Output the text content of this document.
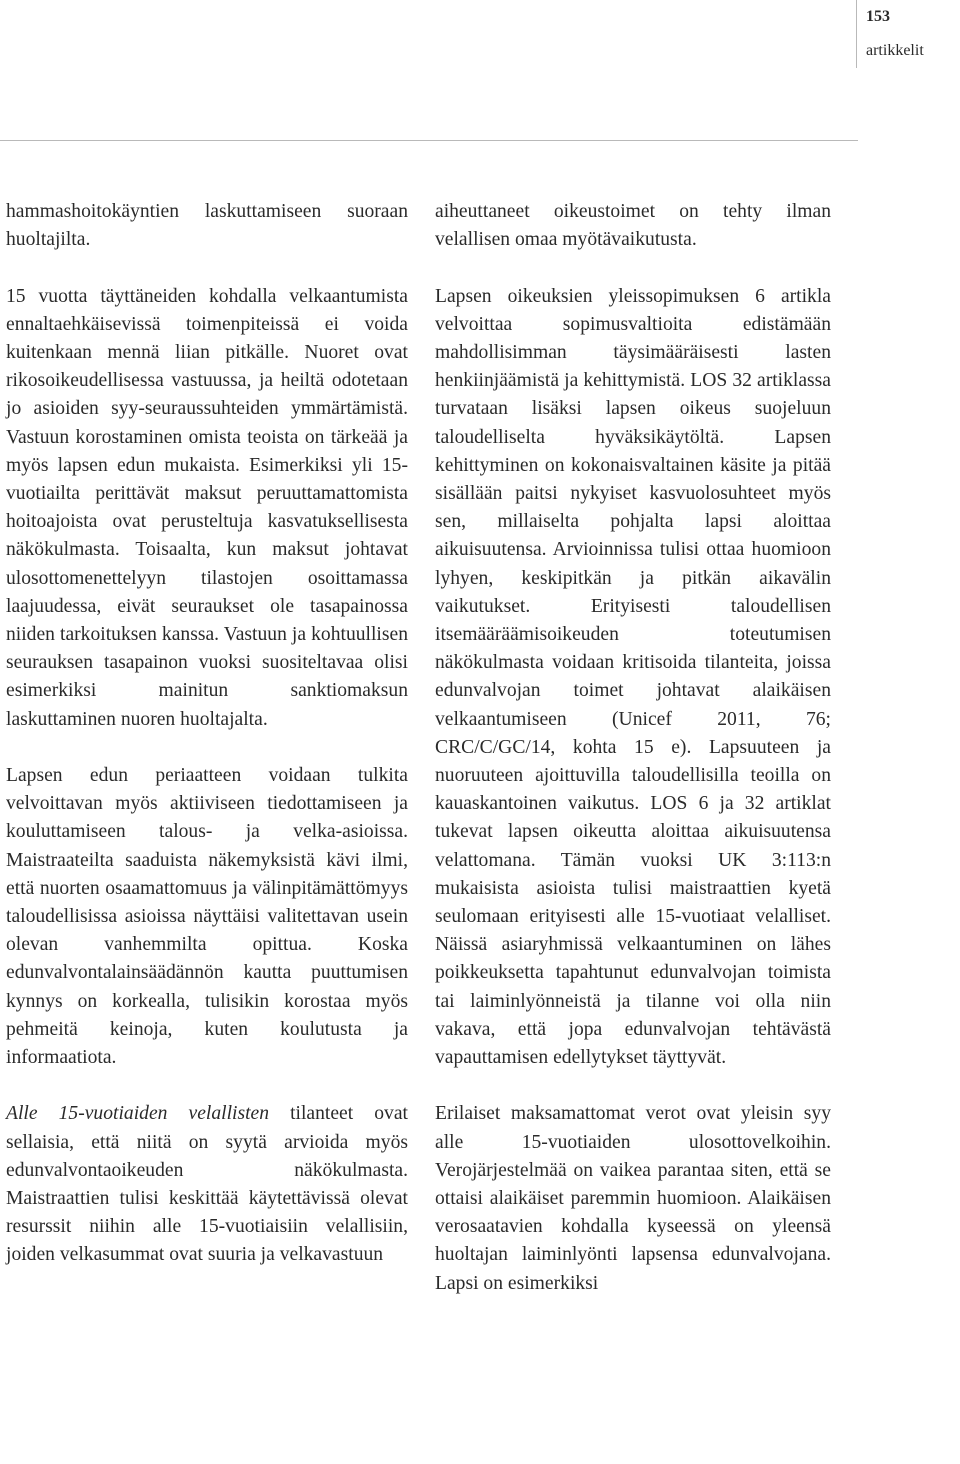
153
artikkelit

hammashoitokäyntien laskuttamiseen suoraan huoltajilta.

15 vuotta täyttäneiden kohdalla velkaantumista ennaltaehkäisevissä toimenpiteissä ei voida kuitenkaan mennä liian pitkälle. Nuoret ovat rikosoikeudellisessa vastuussa, ja heiltä odotetaan jo asioiden syy-seuraussuhteiden ymmärtämistä. Vastuun korostaminen omista teoista on tärkeää ja myös lapsen edun mukaista. Esimerkiksi yli 15-vuotiailta perittävät maksut peruuttamattomista hoitoajoista ovat perusteltuja kasvatuksellisesta näkökulmasta. Toisaalta, kun maksut johtavat ulosottomenettelyyn tilastojen osoittamassa laajuudessa, eivät seuraukset ole tasapainossa niiden tarkoituksen kanssa. Vastuun ja kohtuullisen seurauksen tasapainon vuoksi suositeltavaa olisi esimerkiksi mainitun sanktiomaksun laskuttaminen nuoren huoltajalta.

Lapsen edun periaatteen voidaan tulkita velvoittavan myös aktiiviseen tiedottamiseen ja kouluttamiseen talous- ja velka-asioissa. Maistraateilta saaduista näkemyksistä kävi ilmi, että nuorten osaamattomuus ja välinpitämättömyys taloudellisissa asioissa näyttäisi valitettavan usein olevan vanhemmilta opittua. Koska edunvalvontalainsäädännön kautta puuttumisen kynnys on korkealla, tulisikin korostaa myös pehmeitä keinoja, kuten koulutusta ja informaatiota.

Alle 15-vuotiaiden velallisten tilanteet ovat sellaisia, että niitä on syytä arvioida myös edunvalvontaoikeuden näkökulmasta. Maistraattien tulisi keskittää käytettävissä olevat resurssit niihin alle 15-vuotiaisiin velallisiin, joiden velkasummat ovat suuria ja velkavastuun

aiheuttaneet oikeustoimet on tehty ilman velallisen omaa myötävaikutusta.

Lapsen oikeuksien yleissopimuksen 6 artikla velvoittaa sopimusvaltioita edistämään mahdollisimman täysimääräisesti lasten henkiinjäämistä ja kehittymistä. LOS 32 artiklassa turvataan lisäksi lapsen oikeus suojeluun taloudelliselta hyväksikäytöltä. Lapsen kehittyminen on kokonaisvaltainen käsite ja pitää sisällään paitsi nykyiset kasvuolosuhteet myös sen, millaiselta pohjalta lapsi aloittaa aikuisuutensa. Arvioinnissa tulisi ottaa huomioon lyhyen, keskipitkän ja pitkän aikavälin vaikutukset. Erityisesti taloudellisen itsemääräämisoikeuden toteutumisen näkökulmasta voidaan kritisoida tilanteita, joissa edunvalvojan toimet johtavat alaikäisen velkaantumiseen (Unicef 2011, 76; CRC/C/GC/14, kohta 15 e). Lapsuuteen ja nuoruuteen ajoittuvilla taloudellisilla teoilla on kauaskantoinen vaikutus. LOS 6 ja 32 artiklat tukevat lapsen oikeutta aloittaa aikuisuutensa velattomana. Tämän vuoksi UK 3:113:n mukaisista asioista tulisi maistraattien kyetä seulomaan erityisesti alle 15-vuotiaat velalliset. Näissä asiaryhmissä velkaantuminen on lähes poikkeuksetta tapahtunut edunvalvojan toimista tai laiminlyönneistä ja tilanne voi olla niin vakava, että jopa edunvalvojan tehtävästä vapauttamisen edellytykset täyttyvät.

Erilaiset maksamattomat verot ovat yleisin syy alle 15-vuotiaiden ulosottovelkoihin. Verojärjestelmää on vaikea parantaa siten, että se ottaisi alaikäiset paremmin huomioon. Alaikäisen verosaatavien kohdalla kyseessä on yleensä huoltajan laiminlyönti lapsensa edunvalvojana. Lapsi on esimerkiksi
